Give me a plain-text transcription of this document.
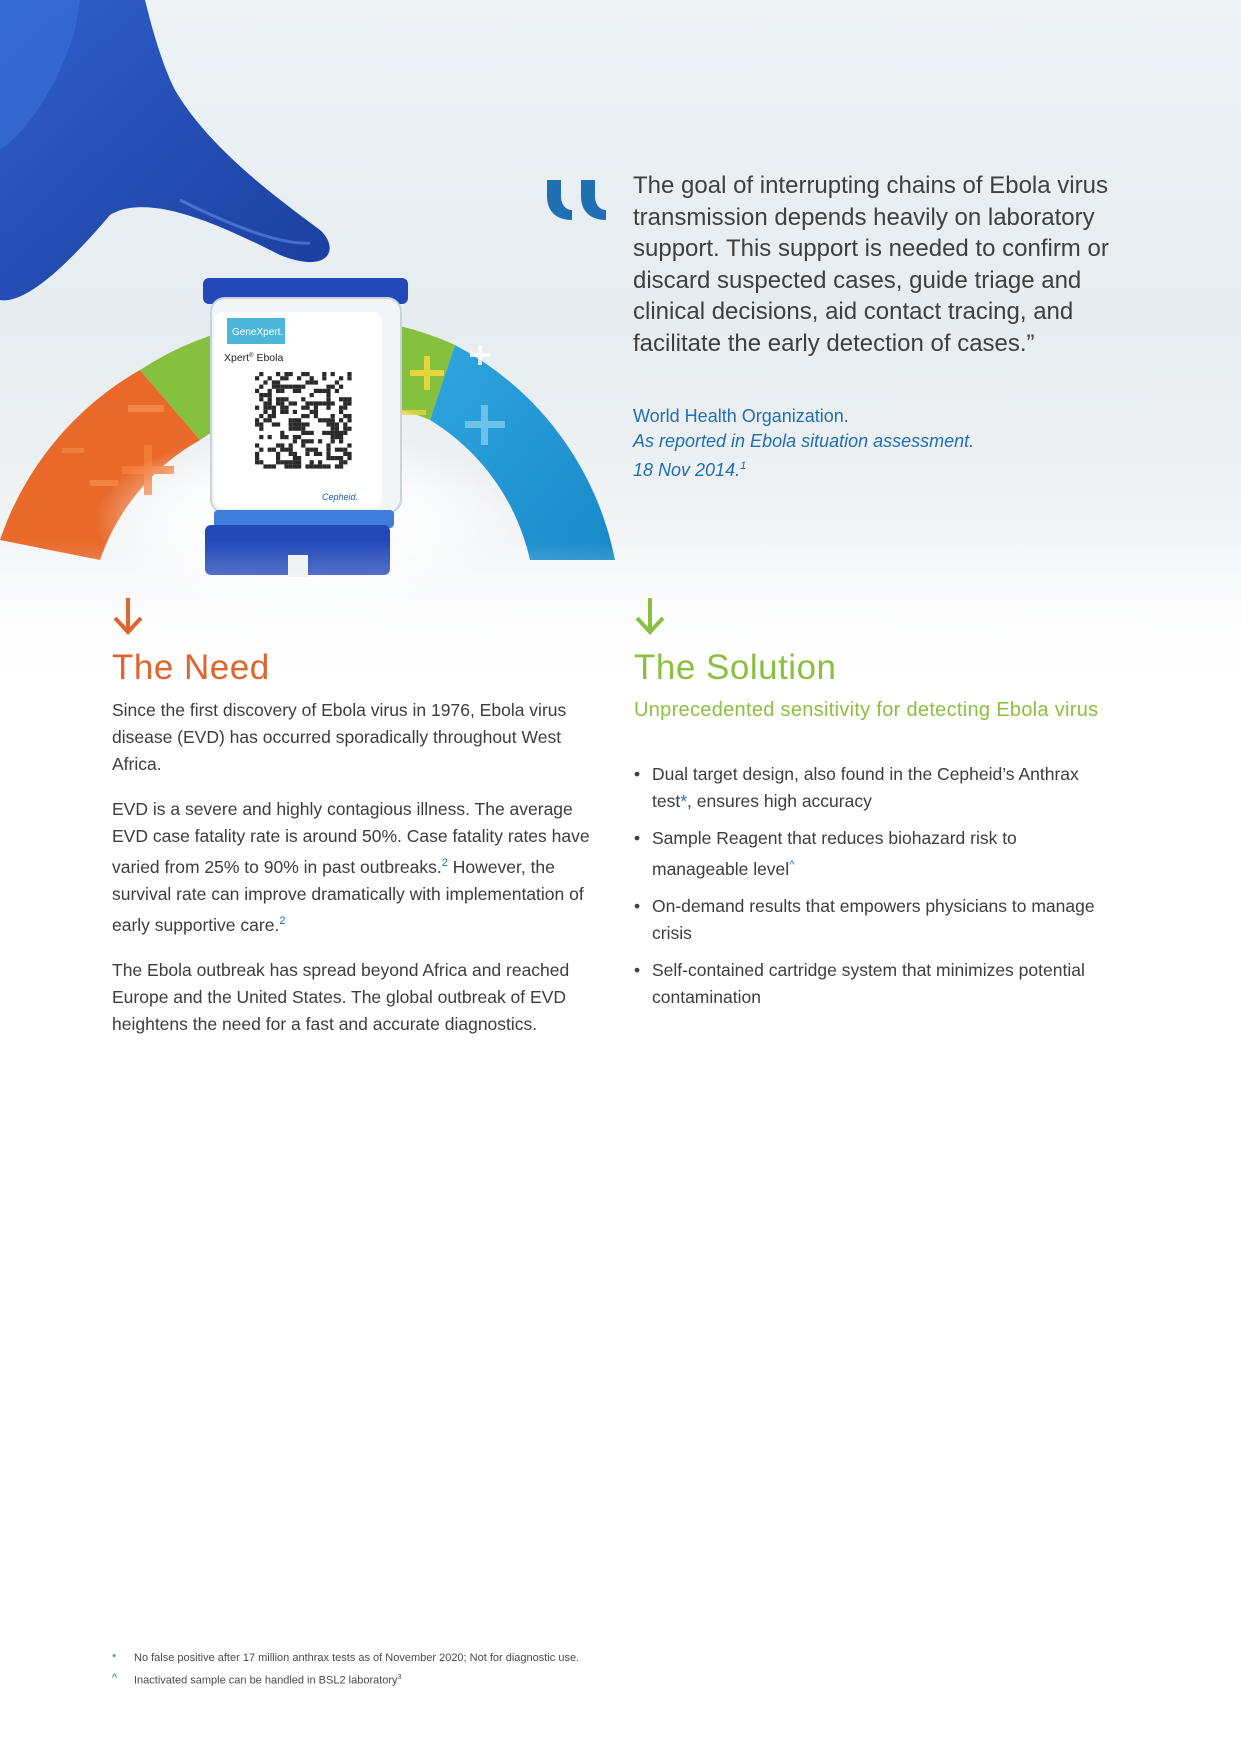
GeneXpert.
Xpert® Ebola
Cepheid.

The goal of interrupting chains of Ebola virus transmission depends heavily on laboratory support. This support is needed to confirm or discard suspected cases, guide triage and clinical decisions, aid contact tracing, and facilitate the early detection of cases.”

World Health Organization.
As reported in Ebola situation assessment.
18 Nov 2014.$^1$
The Need

Since the first discovery of Ebola virus in 1976, Ebola virus disease (EVD) has occurred sporadically throughout West Africa.

EVD is a severe and highly contagious illness. The average EVD case fatality rate is around 50%. Case fatality rates have varied from 25% to 90% in past outbreaks.$^2$ However, the survival rate can improve dramatically with implementation of early supportive care.$^2$

The Ebola outbreak has spread beyond Africa and reached Europe and the United States. The global outbreak of EVD heightens the need for a fast and accurate diagnostics.

The Solution
Unprecedented sensitivity for detecting Ebola virus
• Dual target design, also found in the Cepheid’s Anthrax test*, ensures high accuracy
• Sample Reagent that reduces biohazard risk to manageable level^
• On-demand results that empowers physicians to manage crisis
• Self-contained cartridge system that minimizes potential contamination
* No false positive after 17 million anthrax tests as of November 2020; Not for diagnostic use.
^ Inactivated sample can be handled in BSL2 laboratory$^3$
